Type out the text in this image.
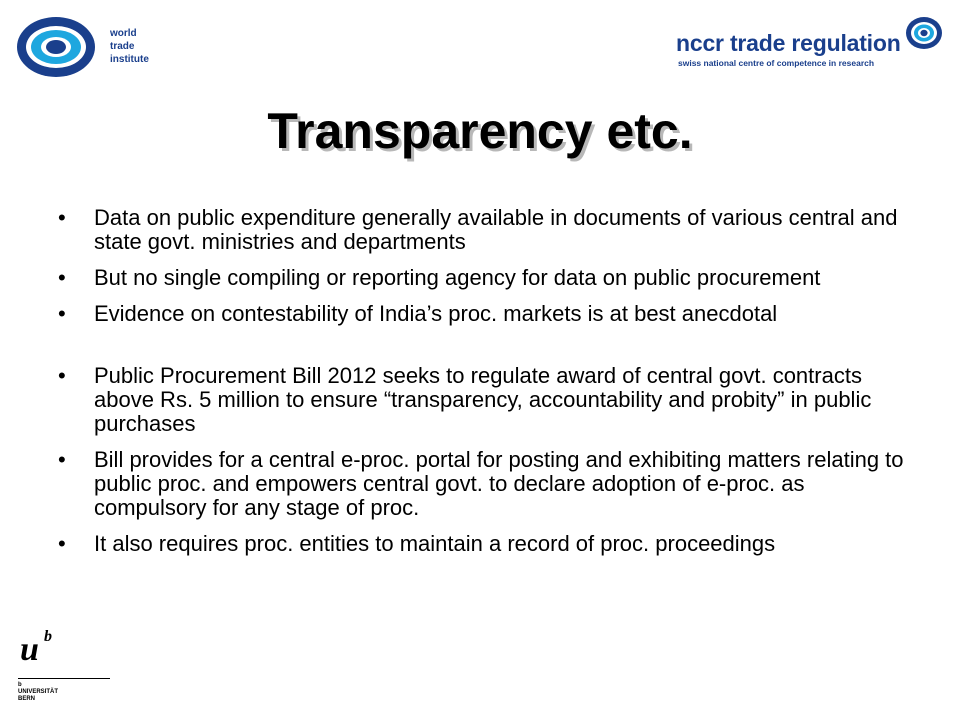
world
trade
institute
nccr trade regulation
swiss national centre of competence in research
Transparency etc.
• Data on public expenditure generally available in documents of various central and state govt. ministries and departments
• But no single compiling or reporting agency for data on public procurement
• Evidence on contestability of India’s proc. markets is at best anecdotal
• Public Procurement Bill 2012 seeks to regulate award of central govt. contracts above Rs. 5 million to ensure “transparency, accountability and probity” in public purchases
• Bill provides for a central e-proc. portal for posting and exhibiting matters relating to public proc. and empowers central govt. to declare adoption of e-proc. as compulsory for any stage of proc.
• It also requires proc. entities to maintain a record of proc. proceedings
u b
b
UNIVERSITÄT
BERN
